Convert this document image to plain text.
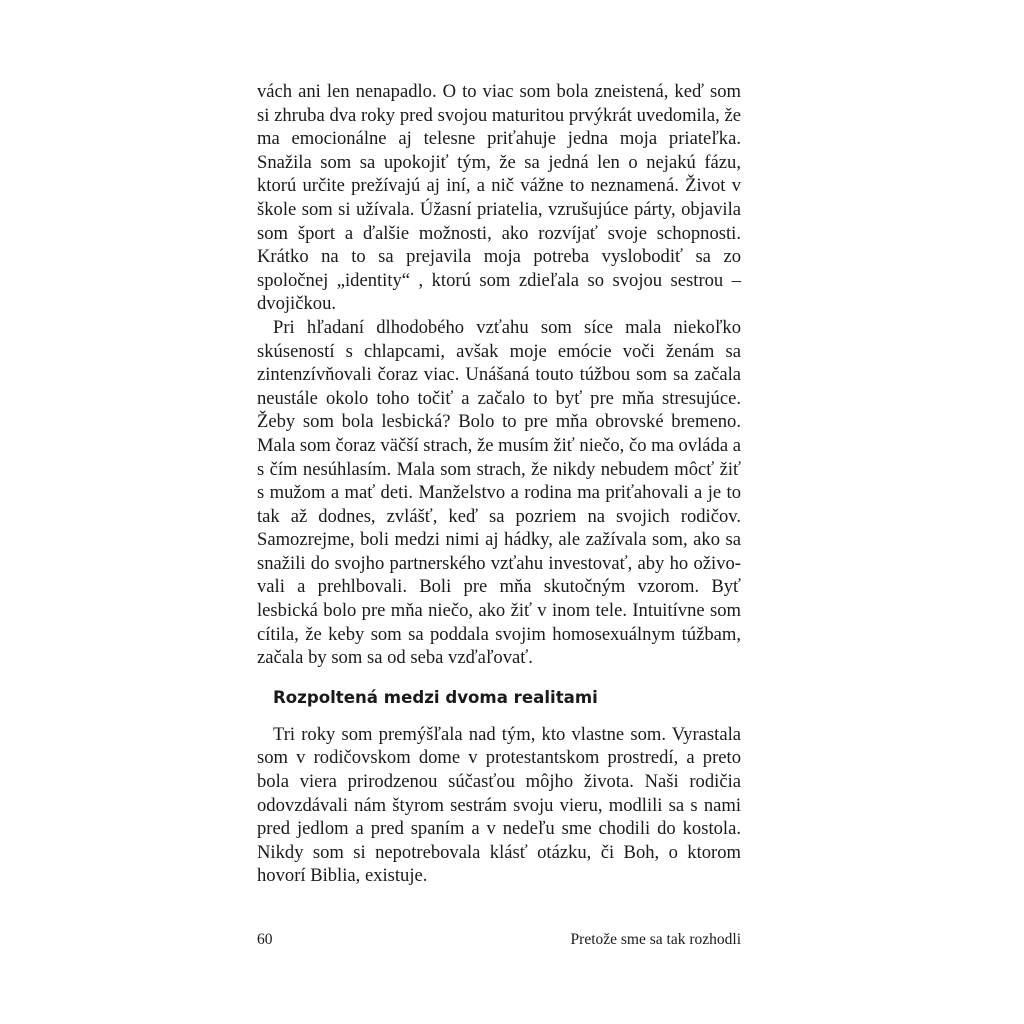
vách ani len nenapadlo. O to viac som bola zneistená, keď som si zhruba dva roky pred svojou maturitou prvýkrát uvedomila, že ma emocionálne aj telesne priťahuje jedna moja priateľka. Snažila som sa upokojiť tým, že sa jedná len o nejakú fázu, ktorú určite prežívajú aj iní, a nič vážne to neznamená. Život v škole som si užívala. Úžasní priatelia, vzrušujúce párty, objavila som šport a ďalšie možnosti, ako rozvíjať svoje schopnosti. Krátko na to sa prejavila moja potreba vyslobodiť sa zo spoločnej „identity“ , ktorú som zdieľala so svojou sestrou – dvojičkou.

Pri hľadaní dlhodobého vzťahu som síce mala niekoľko skúseností s chlapcami, avšak moje emócie voči ženám sa zintenzívňovali čoraz viac. Unášaná touto túžbou som sa začala neustále okolo toho točiť a začalo to byť pre mňa stresujúce. Žeby som bola lesbická? Bolo to pre mňa obrovské bremeno. Mala som čoraz väčší strach, že musím žiť niečo, čo ma ovláda a s čím nesúhlasím. Mala som strach, že nikdy nebudem môcť žiť s mužom a mať deti. Manželstvo a rodina ma priťahovali a je to tak až dodnes, zvlášť, keď sa pozriem na svojich rodičov. Samozrejme, boli medzi nimi aj hádky, ale zažívala som, ako sa snažili do svojho partnerského vzťahu investovať, aby ho oživovali a prehlbovali. Boli pre mňa skutočným vzorom. Byť lesbická bolo pre mňa niečo, ako žiť v inom tele. Intuitívne som cítila, že keby som sa poddala svojim homosexuálnym túžbam, začala by som sa od seba vzďaľovať.

Rozpoltená medzi dvoma realitami

Tri roky som premýšľala nad tým, kto vlastne som. Vyrastala som v rodičovskom dome v protestantskom prostredí, a preto bola viera prirodzenou súčasťou môjho života. Naši rodičia odovzdávali nám štyrom sestrám svoju vieru, modlili sa s nami pred jedlom a pred spaním a v nedeľu sme chodili do kostola. Nikdy som si nepotrebovala klásť otázku, či Boh, o ktorom hovorí Biblia, existuje.

60	Pretože sme sa tak rozhodli
